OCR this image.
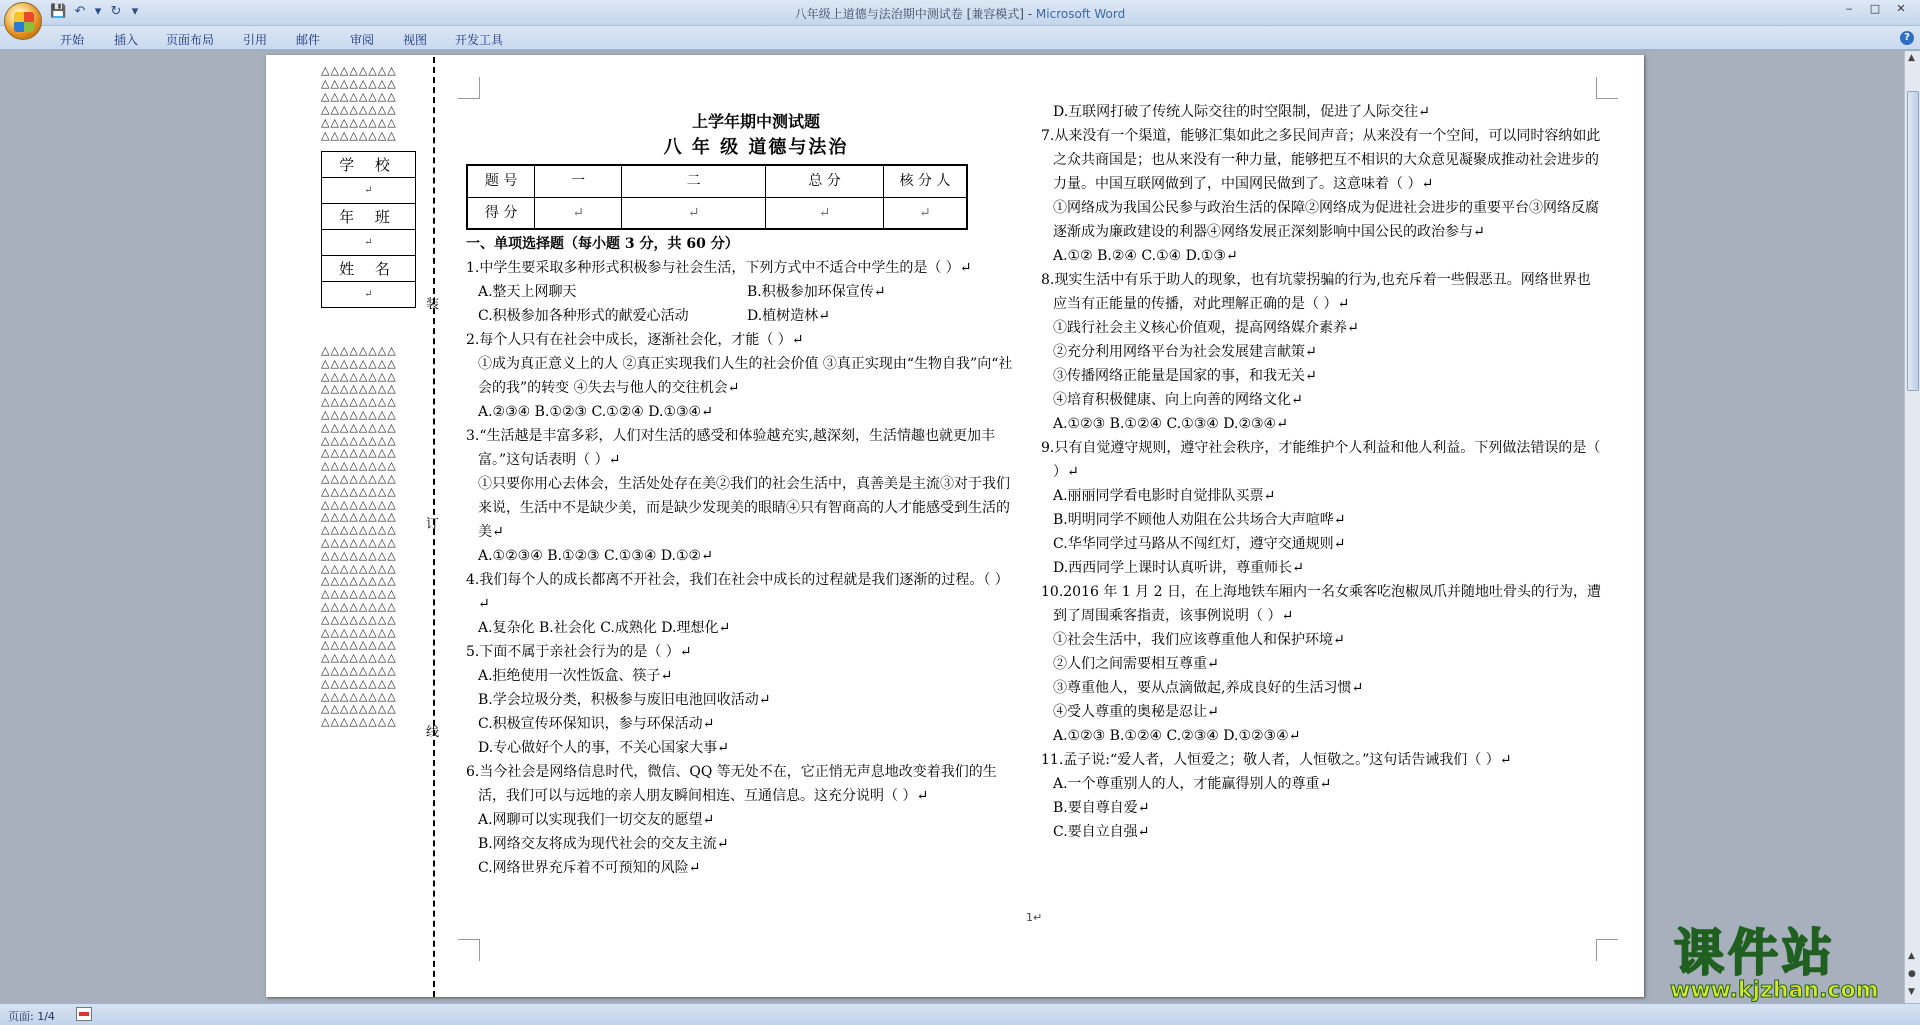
💾 ↶ ▾ ↻ ▾	八年级上道德与法治期中测试卷 [兼容模式] - Microsoft Word	‒	□	✕
开始 插入 页面布局 引用 邮件 审阅 视图 开发工具	?
△△△△△△△△
△△△△△△△△
△△△△△△△△
△△△△△△△△
△△△△△△△△
△△△△△△△△
学 校
↵
年 班
↵
姓 名
↵
装
订
线
上学年期中测试题
八 年 级 道德与法治
题 号	一	二	总 分	核 分 人
得 分	↵	↵	↵	↵
一、单项选择题（每小题 3 分，共 60 分）
1.中学生要采取多种形式积极参与社会生活，下列方式中不适合中学生的是（ ）↵
A.整天上网聊天	B.积极参加环保宣传↵
C.积极参加各种形式的献爱心活动	D.植树造林↵
2.每个人只有在社会中成长，逐渐社会化，才能（ ）↵
①成为真正意义上的人 ②真正实现我们人生的社会价值 ③真正实现由“生物自我”向“社会的我”的转变 ④失去与他人的交往机会↵
A.②③④ B.①②③ C.①②④ D.①③④↵
3.“生活越是丰富多彩，人们对生活的感受和体验越充实,越深刻，生活情趣也就更加丰富。”这句话表明（ ）↵
①只要你用心去体会，生活处处存在美②我们的社会生活中，真善美是主流③对于我们来说，生活中不是缺少美，而是缺少发现美的眼睛④只有智商高的人才能感受到生活的美↵
A.①②③④ B.①②③ C.①③④ D.①②↵
4.我们每个人的成长都离不开社会，我们在社会中成长的过程就是我们逐渐的过程。（ ）↵
A.复杂化 B.社会化 C.成熟化 D.理想化↵
5.下面不属于亲社会行为的是（ ）↵
A.拒绝使用一次性饭盒、筷子↵
B.学会垃圾分类，积极参与废旧电池回收活动↵
C.积极宣传环保知识，参与环保活动↵
D.专心做好个人的事，不关心国家大事↵
6.当今社会是网络信息时代，微信、QQ 等无处不在，它正悄无声息地改变着我们的生活，我们可以与远地的亲人朋友瞬间相连、互通信息。这充分说明（ ）↵
A.网聊可以实现我们一切交友的愿望↵
B.网络交友将成为现代社会的交友主流↵
C.网络世界充斥着不可预知的风险↵
D.互联网打破了传统人际交往的时空限制，促进了人际交往↵
7.从来没有一个渠道，能够汇集如此之多民间声音；从来没有一个空间，可以同时容纳如此之众共商国是；也从来没有一种力量，能够把互不相识的大众意见凝聚成推动社会进步的力量。中国互联网做到了，中国网民做到了。这意味着（ ）↵
①网络成为我国公民参与政治生活的保障②网络成为促进社会进步的重要平台③网络反腐逐渐成为廉政建设的利器④网络发展正深刻影响中国公民的政治参与↵
A.①② B.②④ C.①④ D.①③↵
8.现实生活中有乐于助人的现象，也有坑蒙拐骗的行为,也充斥着一些假恶丑。网络世界也应当有正能量的传播，对此理解正确的是（ ）↵
①践行社会主义核心价值观，提高网络媒介素养↵
②充分利用网络平台为社会发展建言献策↵
③传播网络正能量是国家的事，和我无关↵
④培育积极健康、向上向善的网络文化↵
A.①②③ B.①②④ C.①③④ D.②③④↵
9.只有自觉遵守规则，遵守社会秩序，才能维护个人利益和他人利益。下列做法错误的是（ ）↵
A.丽丽同学看电影时自觉排队买票↵
B.明明同学不顾他人劝阻在公共场合大声喧哗↵
C.华华同学过马路从不闯红灯，遵守交通规则↵
D.西西同学上课时认真听讲，尊重师长↵
10.2016 年 1 月 2 日，在上海地铁车厢内一名女乘客吃泡椒凤爪并随地吐骨头的行为，遭到了周围乘客指责，该事例说明（ ）↵
①社会生活中，我们应该尊重他人和保护环境↵
②人们之间需要相互尊重↵
③尊重他人，要从点滴做起,养成良好的生活习惯↵
④受人尊重的奥秘是忍让↵
A.①②③ B.①②④ C.②③④ D.①②③④↵
11.孟子说:“爱人者，人恒爱之；敬人者，人恒敬之。”这句话告诫我们（ ）↵
A.一个尊重别人的人，才能赢得别人的尊重↵
B.要自尊自爱↵
C.要自立自强↵
1↵
△△△△△△△△
△△△△△△△△
△△△△△△△△
△△△△△△△△
△△△△△△△△
△△△△△△△△
△△△△△△△△
△△△△△△△△
△△△△△△△△
△△△△△△△△
△△△△△△△△
△△△△△△△△
△△△△△△△△
△△△△△△△△
△△△△△△△△
△△△△△△△△
△△△△△△△△
△△△△△△△△
△△△△△△△△
△△△△△△△△
△△△△△△△△
△△△△△△△△
△△△△△△△△
△△△△△△△△
△△△△△△△△
△△△△△△△△
△△△△△△△△
△△△△△△△△
△△△△△△△△
△△△△△△△△
▲
▲
●
▼
页面: 1/4
课件站
www.kjzhan.com
